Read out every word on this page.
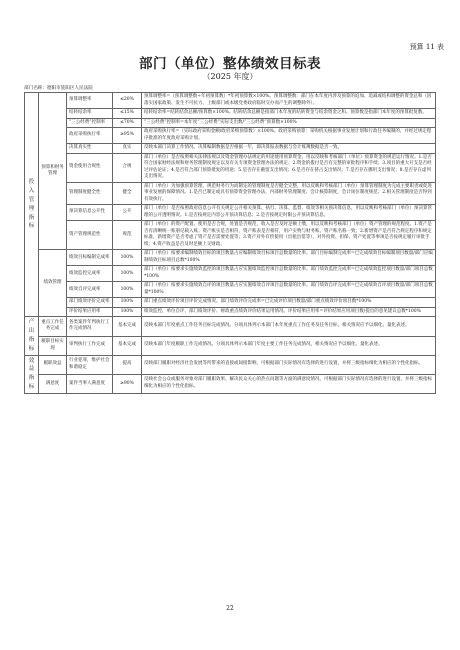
预算 11 表
部门（单位）整体绩效目标表
（2025 年度）
部门名称：德阳市旌阳区人民法院
投入管理指标	预算和财务管理	预算调整率	≤20%	预算调整率=（预算调整数÷年初预算数）*年初预算数×100%。预算调整数：部门在本年度内涉及预算的追加、追减或结构调整的资金总和（因落实国家政策、发生不可抗力、上级部门或本级党委政府临时交办而产生的调整除外）。
		结转结余率	≤15%	结转结余率=结转结余总额/预算数×100%。结转结余总额是指部门本年度的结转资金与结余资金之和。预算数是指部门本年度的预算批复数。
		“三公经费”控制率	≤70%	“三公经费”控制率=本年度“三公经费”实际支出数/“三公经费”预算数×100%
		政府采购执行率	≥95%	政府采购执行率=（实际政府采购金额/政府采购预算数）×100%。政府采购预算：采购机关根据事业发展计划和行政任务编制的，并经过规定程序批准的年度政府采购计划。
		决算真实性	真实	反映本部门决算工作情况。决算编制数据是否根据一年，即决算报表数据与会计账簿数据是否一致。
		资金使用合规性	合规	部门（单位）是否按照相关法律法规以及资金管理办法规定的用途使用预算资金，用以反映和考核部门（单位）预算资金的规范运行情况。1.是否符合国家财经法规和财务管理制度规定以及有关专项资金管理办法的规定；2.资金的拨付是否有完整的审批程序和手续；3.项目的重大开支是否经过评估论证；4.是否符合部门预算批复的用途；5.是否存在截留支出情况；6.是否存在挤占支出情况；7.是否存在挪用支出情况；8.是否存在虚列支出情况。
		管理制度健全性	健全	部门（单位）为加强预算管理、规范财务行为而制定的管理制度是否健全完整，用以反映和考核部门（单位）预算管理制度为完成主要职责或促进事业发展的保障情况。1.是否已制定或具有预算资金管理办法，内部财务管理制度、会计核算制度，会计岗位制度规范；2.相关管理制度是否得到有效执行。
		预决算信息公开性	公开	部门（单位）是否按照政府信息公开有关规定公开相关预算、执行、决算、监督、绩效等相关预决算信息，用以反映和考核部门（单位）预决算管理的公开透明情况。1.是否按规定内容公开预决算信息；2.是否按规定时限公开预决算信息。
		资产管理规范性	规范	部门（单位）的资产配置、使用是否合规，处置是否规范，收入是否及时足额上缴，用以反映和考核部门（单位）资产管理的规范程度。1.资产是否有清晰统一账册记载入账；资产帐实是否相符，资产账表是否相符，用户实物与财务账、资产账名称一致；2.新增资产是否符合规定程序和规定标准，新增资产是否考虑了资产是否需要处置等；3.资产对外有偿使用（出租出借等）、对外投资、担保、资产处置等事项是否按规定履行审批手续；4.资产收益是否及时足额上交财政。
	绩效管理	绩效目标编制完成率	100%	部门（单位）按要求编制绩效目标的项目数量占应编制绩效目标项目总数量的比率。部门目标编制完成率=已完成绩效目标编制项目数量/部门应编制绩效目标项目总数*100%
		绩效监控完成率	100%	部门（单位）按要求实施绩效监控的项目数量占应实施绩效监控项目总数量的比率。部门绩效监控完成率=已完成绩效监控项目数量/部门项目总数*100%
		绩效自评完成率	100%	部门（单位）按要求实施绩效自评的项目数量占应实施绩效自评项目总数量的比率。部门绩效自评完成率=已完成绩效自评项目数量/部门项目总数量*100%
		部门绩效评价完成率	100%	部门重点绩效评价项目评价完成情况。部门绩效评价完成率=已完成评价项目数量/部门重点绩效评价项目数*100%
		评价结果应用率	100%	绩效监控、单位自评、部门绩效评价、财政重点绩效评价结果运用情况。评价结果应用率=评价结果应用项目数/提出的意见建议总数*100%
产出指标	重点工作任务完成	各类案件年判执行工作完成情况	基本完成	反映本部门年度重点工作任务目标完成情况。分项具体列示本部门本年度重点工作任务及任务目标，相关情况应予以细化、量化表述。
	履职目标实现	审判执行工作完成	基本完成	反映本部门年度履职工作完成情况。分项具体列示本部门年度主要工作任务完成情况，相关情况应予以细化、量化表述。
效益指标	履职效益	行业犯罪，维护社会和谐稳定	提高	反映部门履职对经济社会发展等所带来的直接或间接影响，可根据部门实际情况有选择的进行设置，并将三级指标细化为相应的个性化指标。
	满意度	案件当事人满意度	≥90%	反映社会公众或服务对象对部门履职效果、解决民众关心的热点问题等方面的满意度情况，可根据部门实际情况有选择的进行设置，并将三级指标细化为相应的个性化指标。
22
